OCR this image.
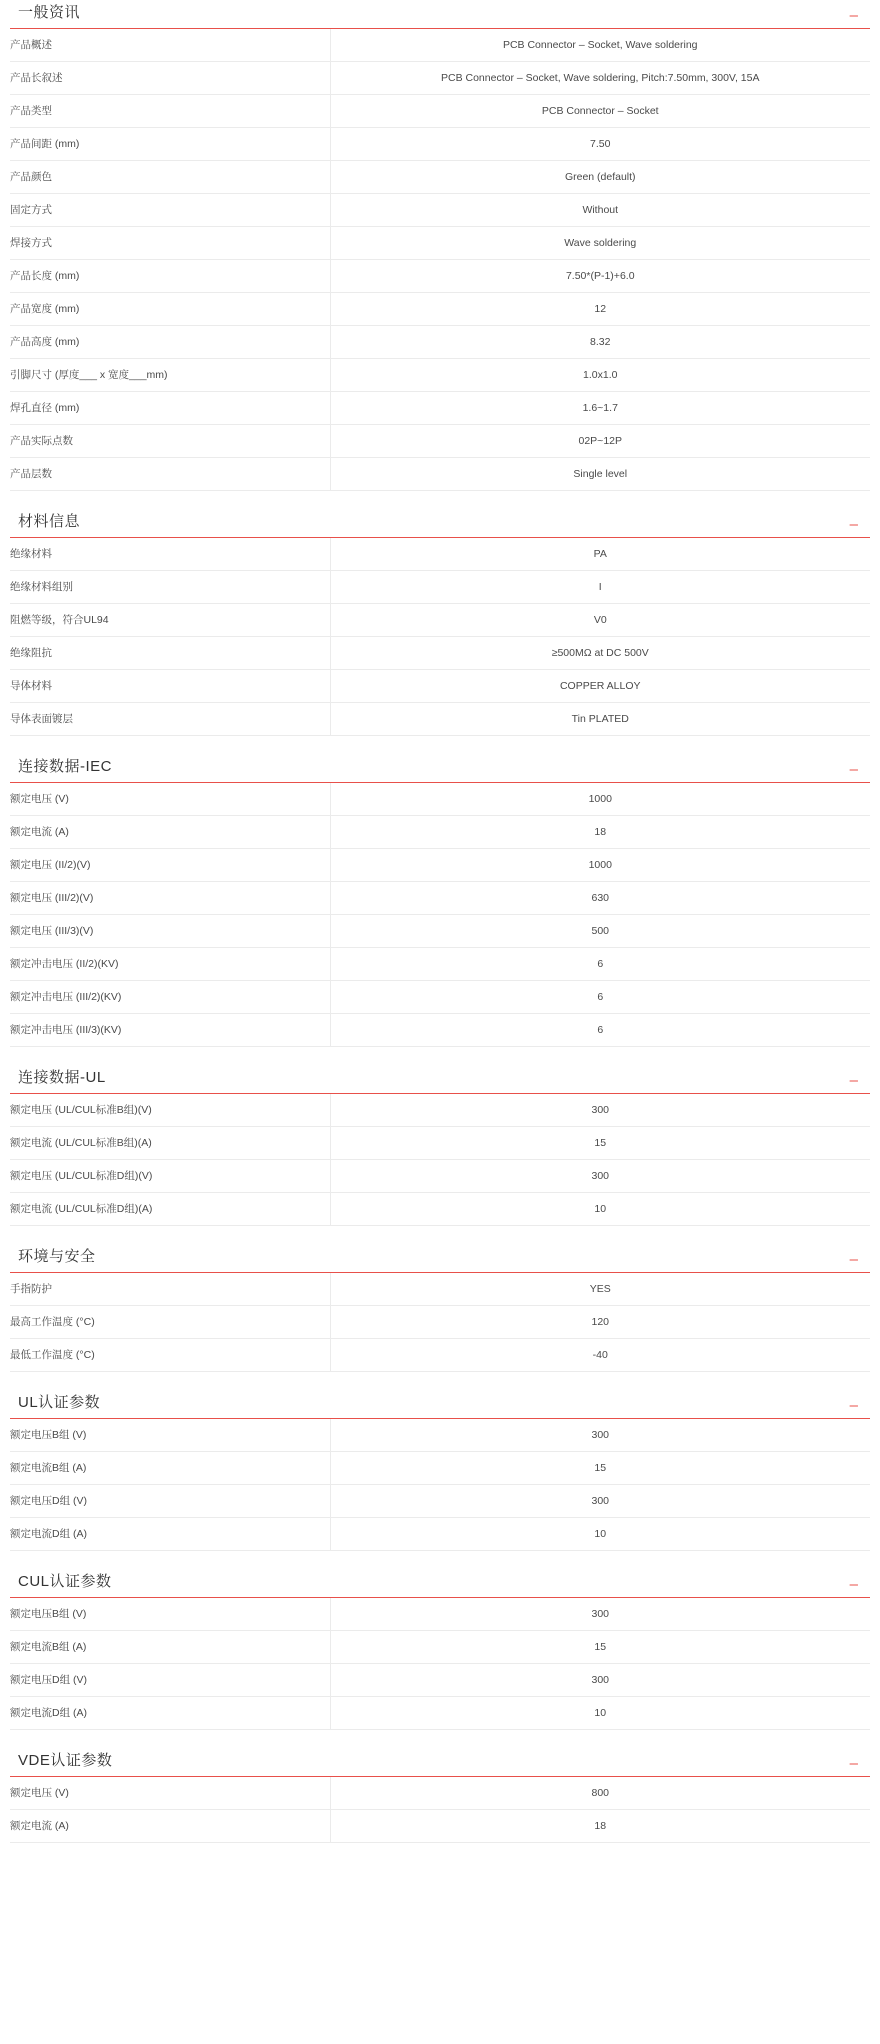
一般资讯	–
产品概述	PCB Connector – Socket, Wave soldering
产品长叙述	PCB Connector – Socket, Wave soldering, Pitch:7.50mm, 300V, 15A
产品类型	PCB Connector – Socket
产品间距 (mm)	7.50
产品颜色	Green (default)
固定方式	Without
焊接方式	Wave soldering
产品长度 (mm)	7.50*(P-1)+6.0
产品宽度 (mm)	12
产品高度 (mm)	8.32
引脚尺寸 (厚度___ x 宽度___mm)	1.0x1.0
焊孔直径 (mm)	1.6~1.7
产品实际点数	02P~12P
产品层数	Single level
材料信息	–
绝缘材料	PA
绝缘材料组别	I
阻燃等级，符合UL94	V0
绝缘阻抗	≥500MΩ at DC 500V
导体材料	COPPER ALLOY
导体表面镀层	Tin PLATED
连接数据-IEC	–
额定电压 (V)	1000
额定电流 (A)	18
额定电压 (II/2)(V)	1000
额定电压 (III/2)(V)	630
额定电压 (III/3)(V)	500
额定冲击电压 (II/2)(KV)	6
额定冲击电压 (III/2)(KV)	6
额定冲击电压 (III/3)(KV)	6
连接数据-UL	–
额定电压 (UL/CUL标准B组)(V)	300
额定电流 (UL/CUL标准B组)(A)	15
额定电压 (UL/CUL标准D组)(V)	300
额定电流 (UL/CUL标准D组)(A)	10
环境与安全	–
手指防护	YES
最高工作温度 (°C)	120
最低工作温度 (°C)	-40
UL认证参数	–
额定电压B组 (V)	300
额定电流B组 (A)	15
额定电压D组 (V)	300
额定电流D组 (A)	10
CUL认证参数	–
额定电压B组 (V)	300
额定电流B组 (A)	15
额定电压D组 (V)	300
额定电流D组 (A)	10
VDE认证参数	–
额定电压 (V)	800
额定电流 (A)	18
